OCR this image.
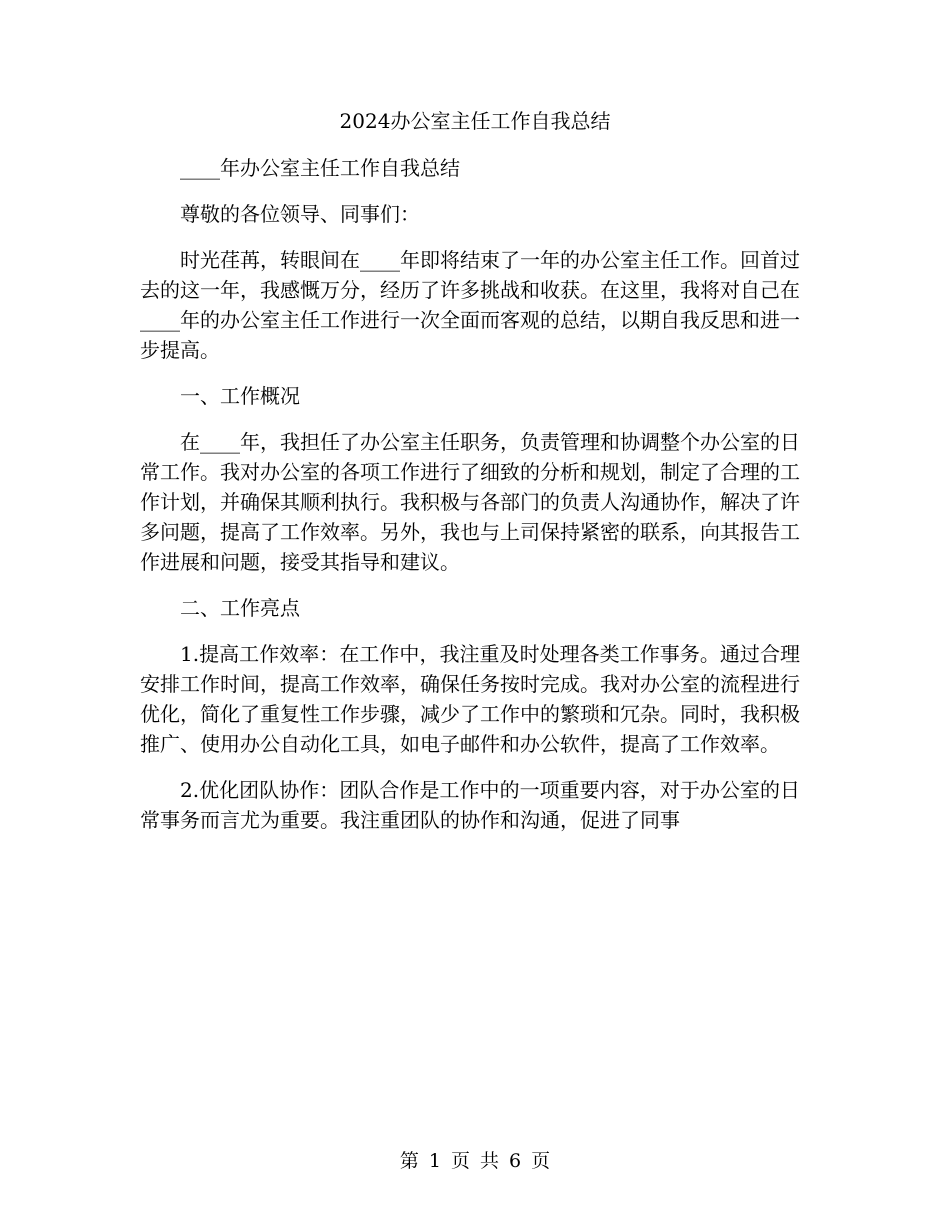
2024办公室主任工作自我总结

____年办公室主任工作自我总结

尊敬的各位领导、同事们：

时光荏苒，转眼间在____年即将结束了一年的办公室主任工作。回首过去的这一年，我感慨万分，经历了许多挑战和收获。在这里，我将对自己在____年的办公室主任工作进行一次全面而客观的总结，以期自我反思和进一步提高。

一、工作概况

在____年，我担任了办公室主任职务，负责管理和协调整个办公室的日常工作。我对办公室的各项工作进行了细致的分析和规划，制定了合理的工作计划，并确保其顺利执行。我积极与各部门的负责人沟通协作，解决了许多问题，提高了工作效率。另外，我也与上司保持紧密的联系，向其报告工作进展和问题，接受其指导和建议。

二、工作亮点

1.提高工作效率：在工作中，我注重及时处理各类工作事务。通过合理安排工作时间，提高工作效率，确保任务按时完成。我对办公室的流程进行优化，简化了重复性工作步骤，减少了工作中的繁琐和冗杂。同时，我积极推广、使用办公自动化工具，如电子邮件和办公软件，提高了工作效率。

2.优化团队协作：团队合作是工作中的一项重要内容，对于办公室的日常事务而言尤为重要。我注重团队的协作和沟通，促进了同事

第 1 页 共 6 页
